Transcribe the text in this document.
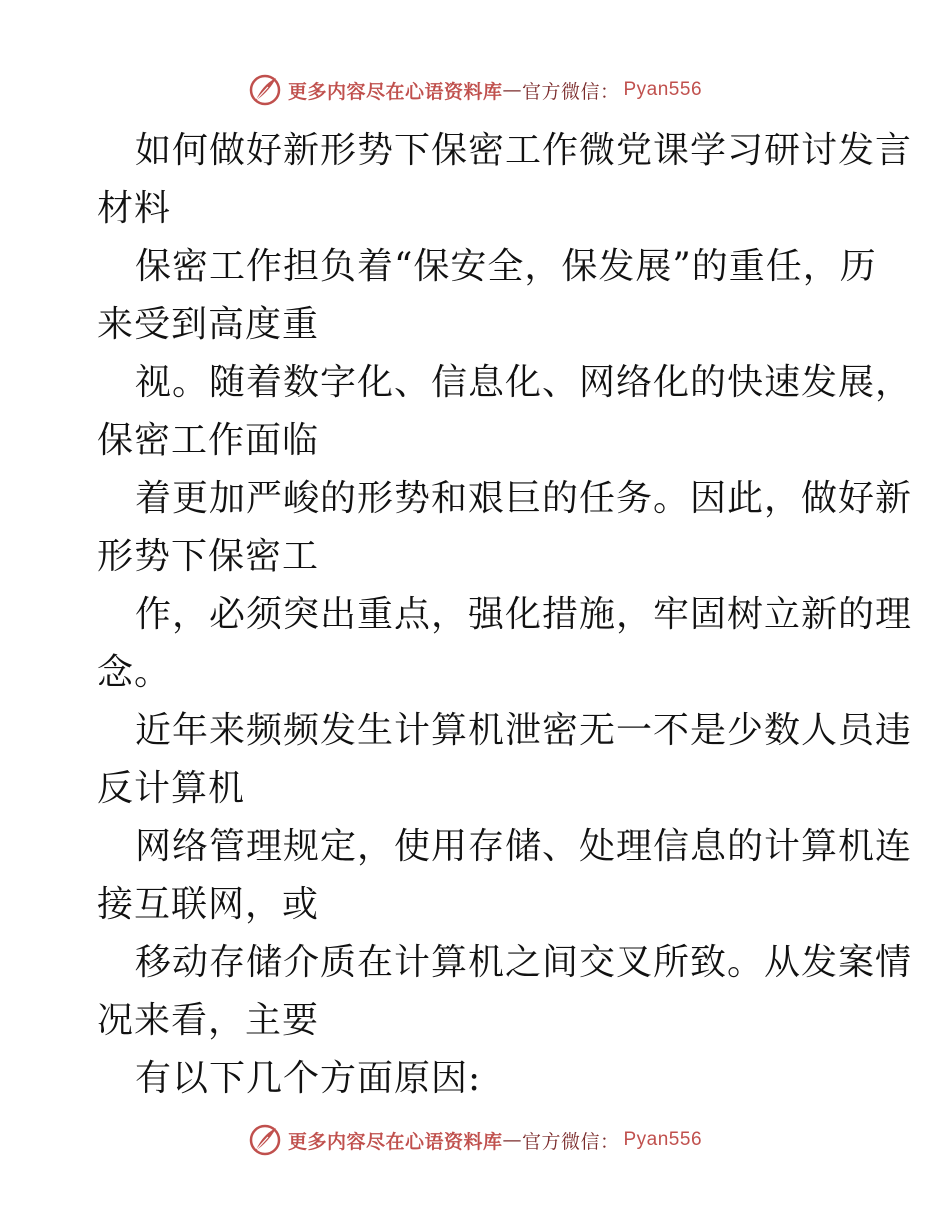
更多内容尽在心语资料库 — 官方微信： Pyan556
如何做好新形势下保密工作微党课学习研讨发言
材料
保密工作担负着“保安全，保发展”的重任，历
来受到高度重
视。随着数字化、信息化、网络化的快速发展，
保密工作面临
着更加严峻的形势和艰巨的任务。因此，做好新
形势下保密工
作，必须突出重点，强化措施，牢固树立新的理
念。
近年来频频发生计算机泄密无一不是少数人员违
反计算机
网络管理规定，使用存储、处理信息的计算机连
接互联网，或
移动存储介质在计算机之间交叉所致。从发案情
况来看，主要
有以下几个方面原因:
更多内容尽在心语资料库 — 官方微信： Pyan556
